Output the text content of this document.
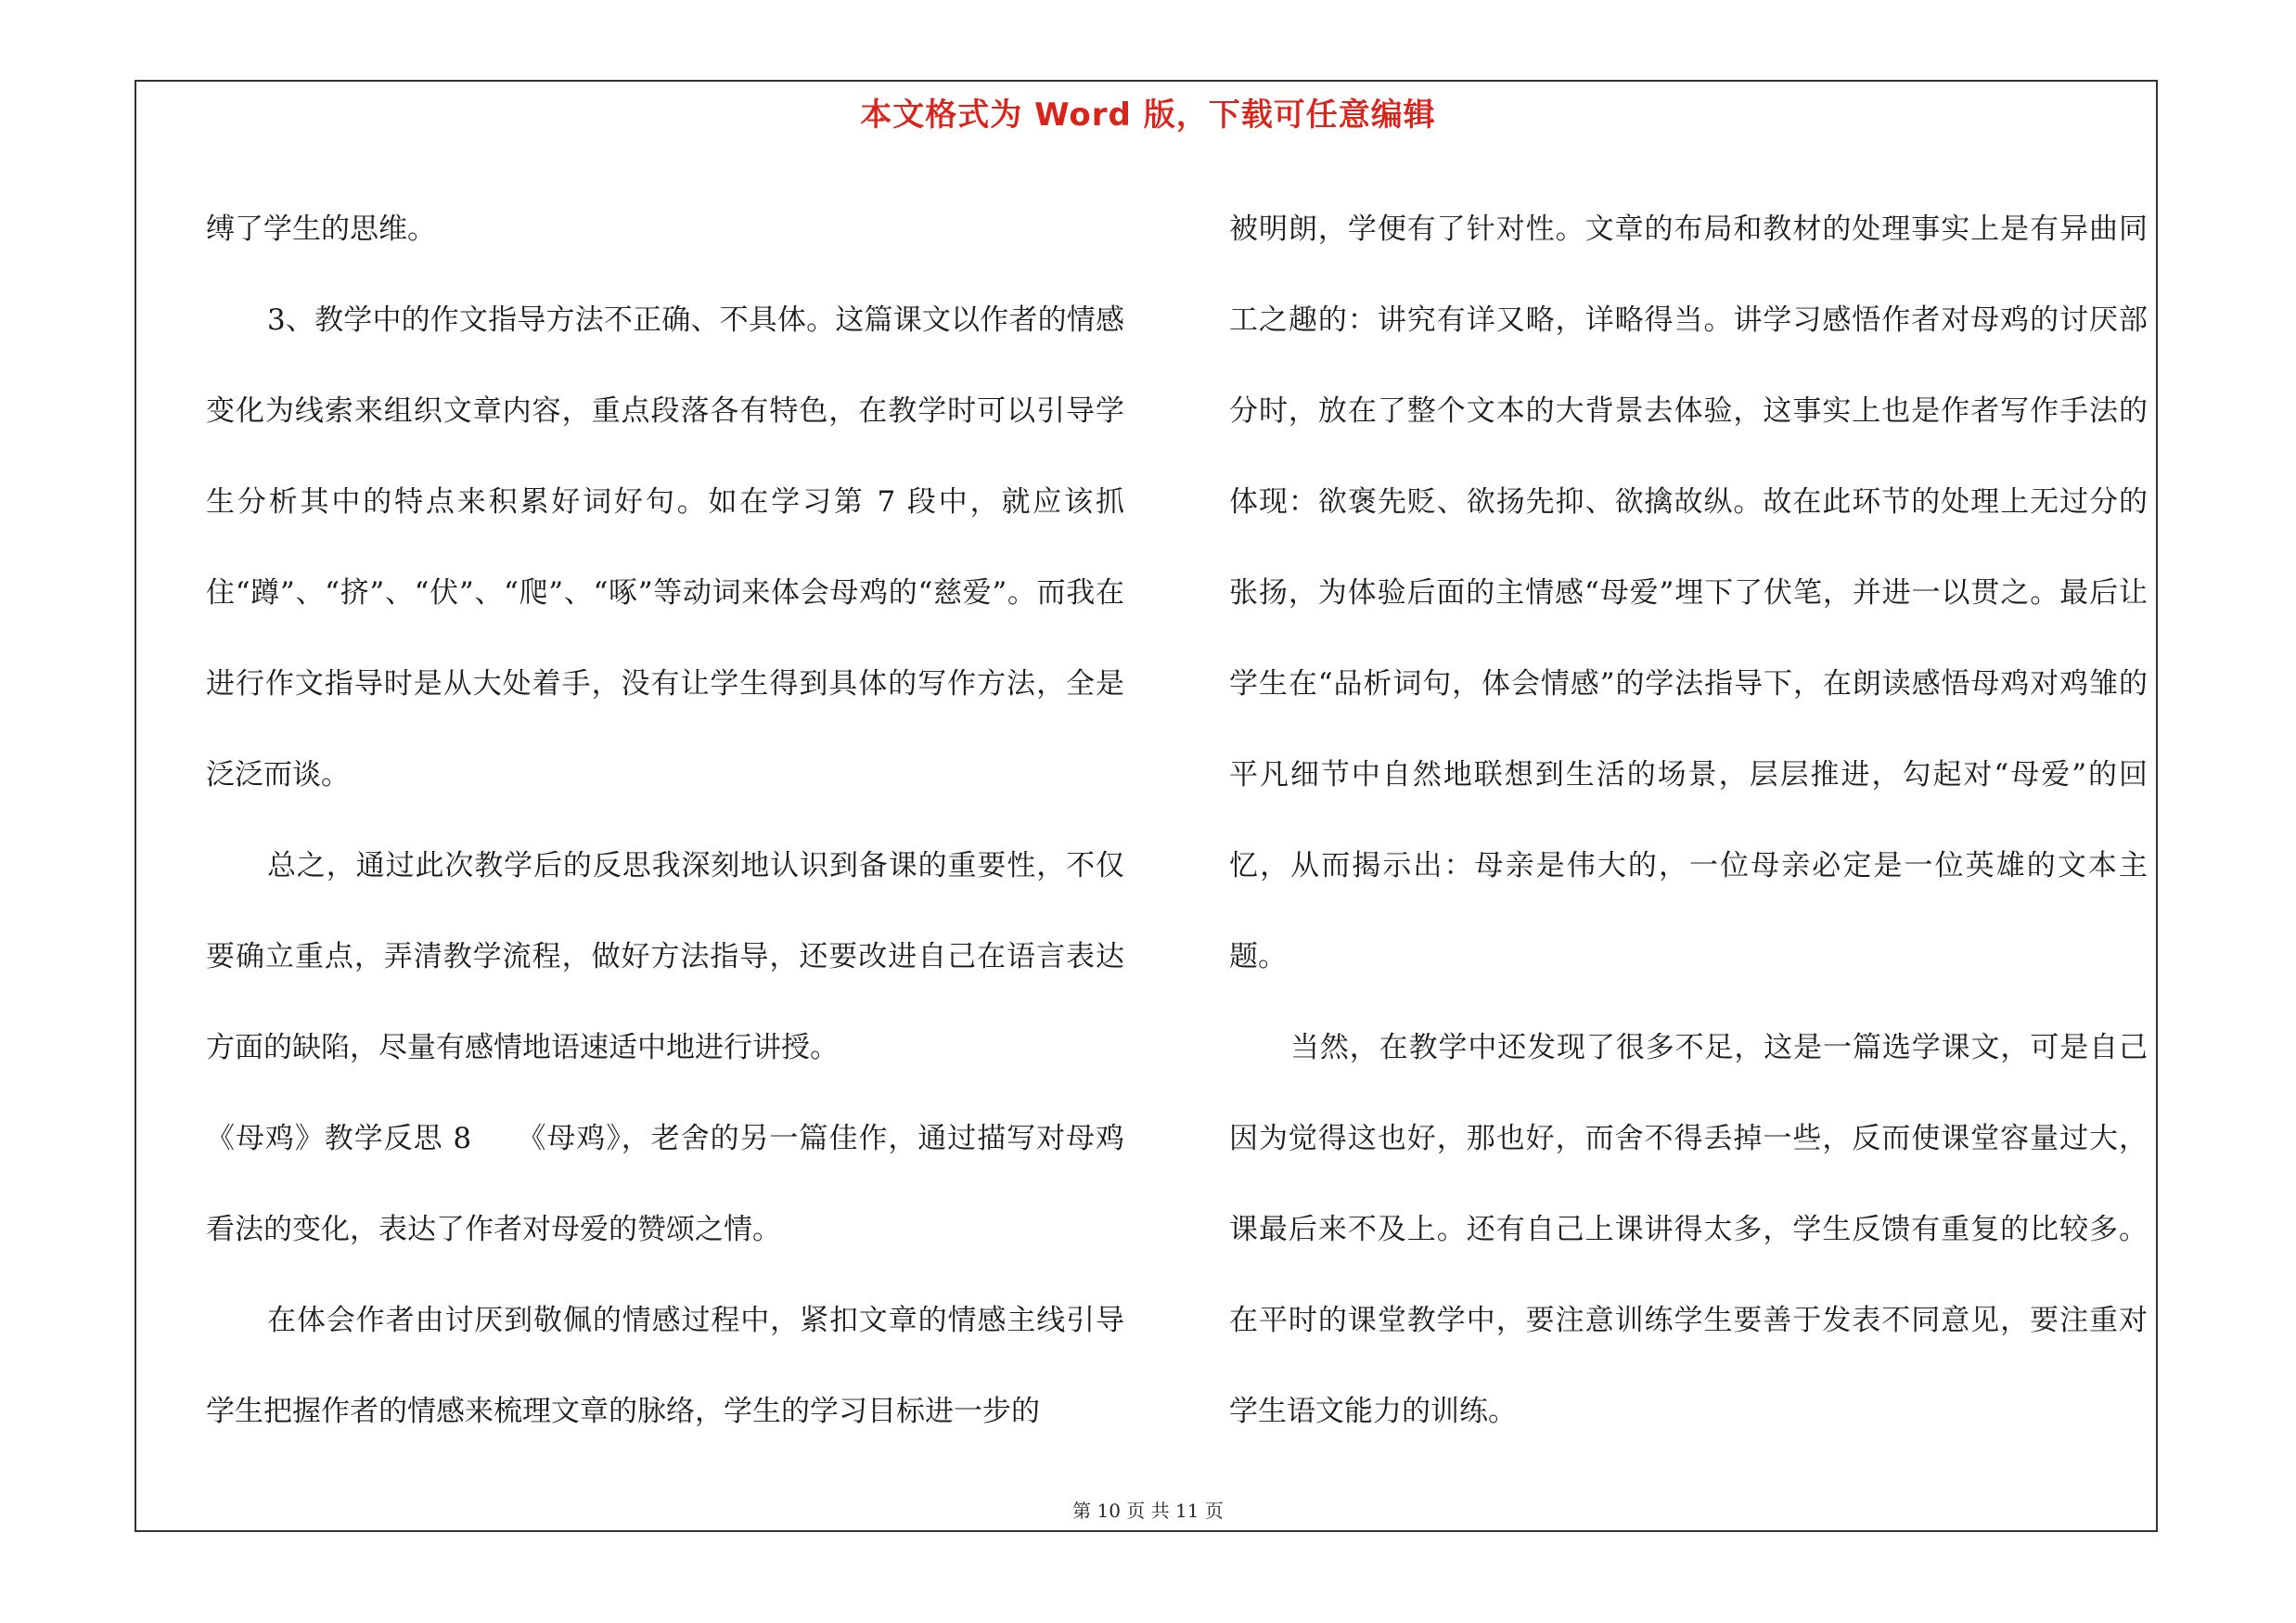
本文格式为 Word 版，下载可任意编辑

缚了学生的思维。

3、教学中的作文指导方法不正确、不具体。这篇课文以作者的情感变化为线索来组织文章内容，重点段落各有特色，在教学时可以引导学生分析其中的特点来积累好词好句。如在学习第 7 段中，就应该抓住“蹲”、“挤”、“伏”、“爬”、“啄”等动词来体会母鸡的“慈爱”。而我在进行作文指导时是从大处着手，没有让学生得到具体的写作方法，全是泛泛而谈。

总之，通过此次教学后的反思我深刻地认识到备课的重要性，不仅要确立重点，弄清教学流程，做好方法指导，还要改进自己在语言表达方面的缺陷，尽量有感情地语速适中地进行讲授。

《母鸡》教学反思 8　　《母鸡》，老舍的另一篇佳作，通过描写对母鸡看法的变化，表达了作者对母爱的赞颂之情。

在体会作者由讨厌到敬佩的情感过程中，紧扣文章的情感主线引导学生把握作者的情感来梳理文章的脉络，学生的学习目标进一步的

被明朗，学便有了针对性。文章的布局和教材的处理事实上是有异曲同工之趣的：讲究有详又略，详略得当。讲学习感悟作者对母鸡的讨厌部分时，放在了整个文本的大背景去体验，这事实上也是作者写作手法的体现：欲褒先贬、欲扬先抑、欲擒故纵。故在此环节的处理上无过分的张扬，为体验后面的主情感“母爱”埋下了伏笔，并进一以贯之。最后让学生在“品析词句，体会情感”的学法指导下，在朗读感悟母鸡对鸡雏的平凡细节中自然地联想到生活的场景，层层推进，勾起对“母爱”的回忆，从而揭示出：母亲是伟大的，一位母亲必定是一位英雄的文本主题。

当然，在教学中还发现了很多不足，这是一篇选学课文，可是自己因为觉得这也好，那也好，而舍不得丢掉一些，反而使课堂容量过大，课最后来不及上。还有自己上课讲得太多，学生反馈有重复的比较多。在平时的课堂教学中，要注意训练学生要善于发表不同意见，要注重对学生语文能力的训练。

第 10 页 共 11 页
